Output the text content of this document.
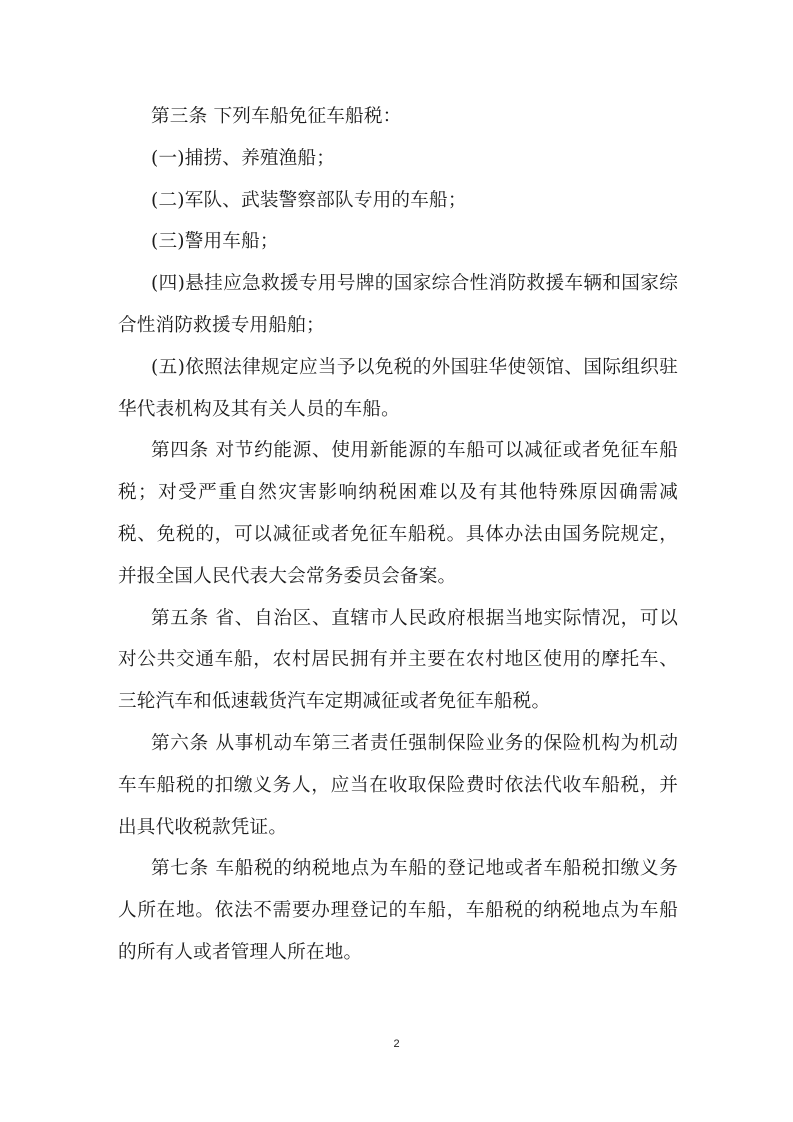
第三条 下列车船免征车船税：

(一)捕捞、养殖渔船；

(二)军队、武装警察部队专用的车船；

(三)警用车船；

(四)悬挂应急救援专用号牌的国家综合性消防救援车辆和国家综合性消防救援专用船舶；

(五)依照法律规定应当予以免税的外国驻华使领馆、国际组织驻华代表机构及其有关人员的车船。

第四条 对节约能源、使用新能源的车船可以减征或者免征车船税；对受严重自然灾害影响纳税困难以及有其他特殊原因确需减税、免税的，可以减征或者免征车船税。具体办法由国务院规定，并报全国人民代表大会常务委员会备案。

第五条 省、自治区、直辖市人民政府根据当地实际情况，可以对公共交通车船，农村居民拥有并主要在农村地区使用的摩托车、三轮汽车和低速载货汽车定期减征或者免征车船税。

第六条 从事机动车第三者责任强制保险业务的保险机构为机动车车船税的扣缴义务人，应当在收取保险费时依法代收车船税，并出具代收税款凭证。

第七条 车船税的纳税地点为车船的登记地或者车船税扣缴义务人所在地。依法不需要办理登记的车船，车船税的纳税地点为车船的所有人或者管理人所在地。

2
